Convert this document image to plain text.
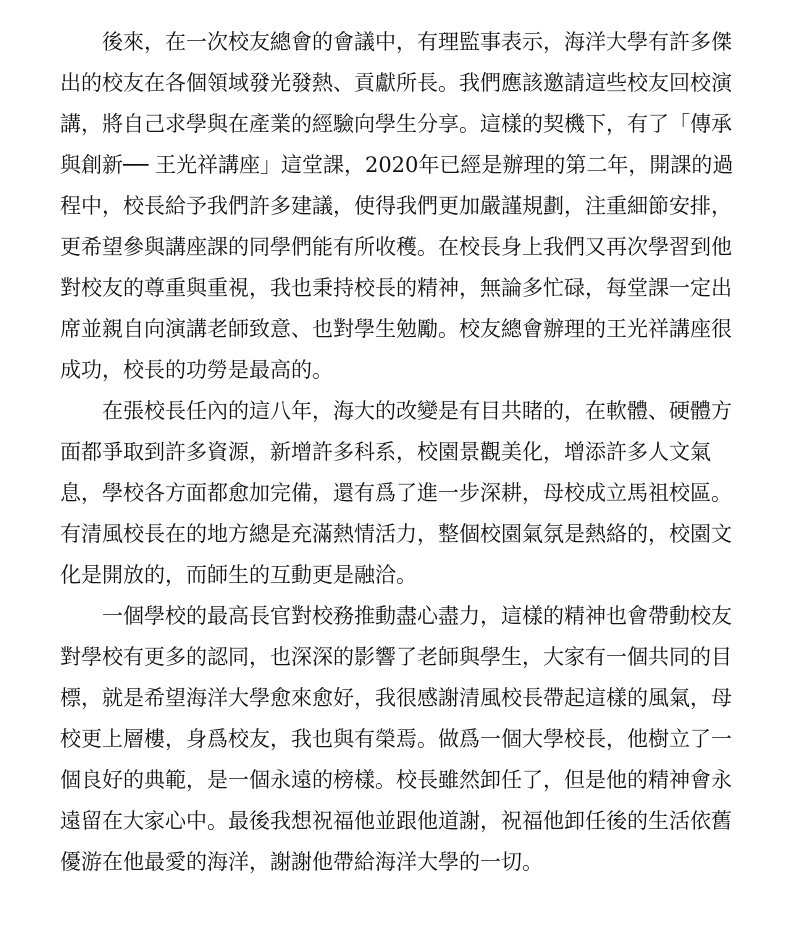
後來，在一次校友總會的會議中，有理監事表示，海洋大學有許多傑
出的校友在各個領域發光發熱、貢獻所長。我們應該邀請這些校友回校演
講，將自己求學與在產業的經驗向學生分享。這樣的契機下，有了「傳承
與創新── 王光祥講座」這堂課，2020年已經是辦理的第二年，開課的過
程中，校長給予我們許多建議，使得我們更加嚴謹規劃，注重細節安排，
更希望參與講座課的同學們能有所收穫。在校長身上我們又再次學習到他
對校友的尊重與重視，我也秉持校長的精神，無論多忙碌，每堂課一定出
席並親自向演講老師致意、也對學生勉勵。校友總會辦理的王光祥講座很
成功，校長的功勞是最高的。
在張校長任內的這八年，海大的改變是有目共睹的，在軟體、硬體方
面都爭取到許多資源，新增許多科系，校園景觀美化，增添許多人文氣
息，學校各方面都愈加完備，還有爲了進一步深耕，母校成立馬祖校區。
有清風校長在的地方總是充滿熱情活力，整個校園氣氛是熱絡的，校園文
化是開放的，而師生的互動更是融洽。
一個學校的最高長官對校務推動盡心盡力，這樣的精神也會帶動校友
對學校有更多的認同，也深深的影響了老師與學生，大家有一個共同的目
標，就是希望海洋大學愈來愈好，我很感謝清風校長帶起這樣的風氣，母
校更上層樓，身爲校友，我也與有榮焉。做爲一個大學校長，他樹立了一
個良好的典範，是一個永遠的榜樣。校長雖然卸任了，但是他的精神會永
遠留在大家心中。最後我想祝福他並跟他道謝，祝福他卸任後的生活依舊
優游在他最愛的海洋，謝謝他帶給海洋大學的一切。
